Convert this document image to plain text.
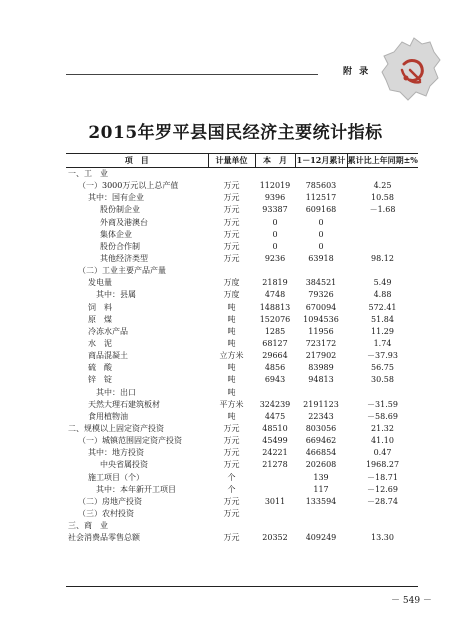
附 录
2015年罗平县国民经济主要统计指标
项　目	计量单位	本　月	1－12月累计	累计比上年同期±%
一、工　业				
（一）3000万元以上总产值	万元	112019	785603	4.25
其中：国有企业	万元	9396	112517	10.58
股份制企业	万元	93387	609168	－1.68
外商及港澳台	万元	0	0	
集体企业	万元	0	0	
股份合作制	万元	0	0	
其他经济类型	万元	9236	63918	98.12
（二）工业主要产品产量				
发电量	万度	21819	384521	5.49
　其中：县属	万度	4748	79326	4.88
饲　料	吨	148813	670094	572.41
原　煤	吨	152076	1094536	51.84
冷冻水产品	吨	1285	11956	11.29
水　泥	吨	68127	723172	1.74
商品混凝土	立方米	29664	217902	－37.93
硫　酸	吨	4856	83989	56.75
锌　锭	吨	6943	94813	30.58
　其中：出口	吨			
天然大理石建筑板材	平方米	324239	2191123	－31.59
食用植物油	吨	4475	22343	－58.69
二、规模以上固定资产投资	万元	48510	803056	21.32
（一）城镇范围固定资产投资	万元	45499	669462	41.10
其中：地方投资	万元	24221	466854	0.47
中央省属投资	万元	21278	202608	1968.27
施工项目（个）	个		139	－18.71
　其中：本年新开工项目	个		117	－12.69
（二）房地产投资	万元	3011	133594	－28.74
（三）农村投资	万元			
三、商　业				
社会消费品零售总额	万元	20352	409249	13.30
－ 549 －
